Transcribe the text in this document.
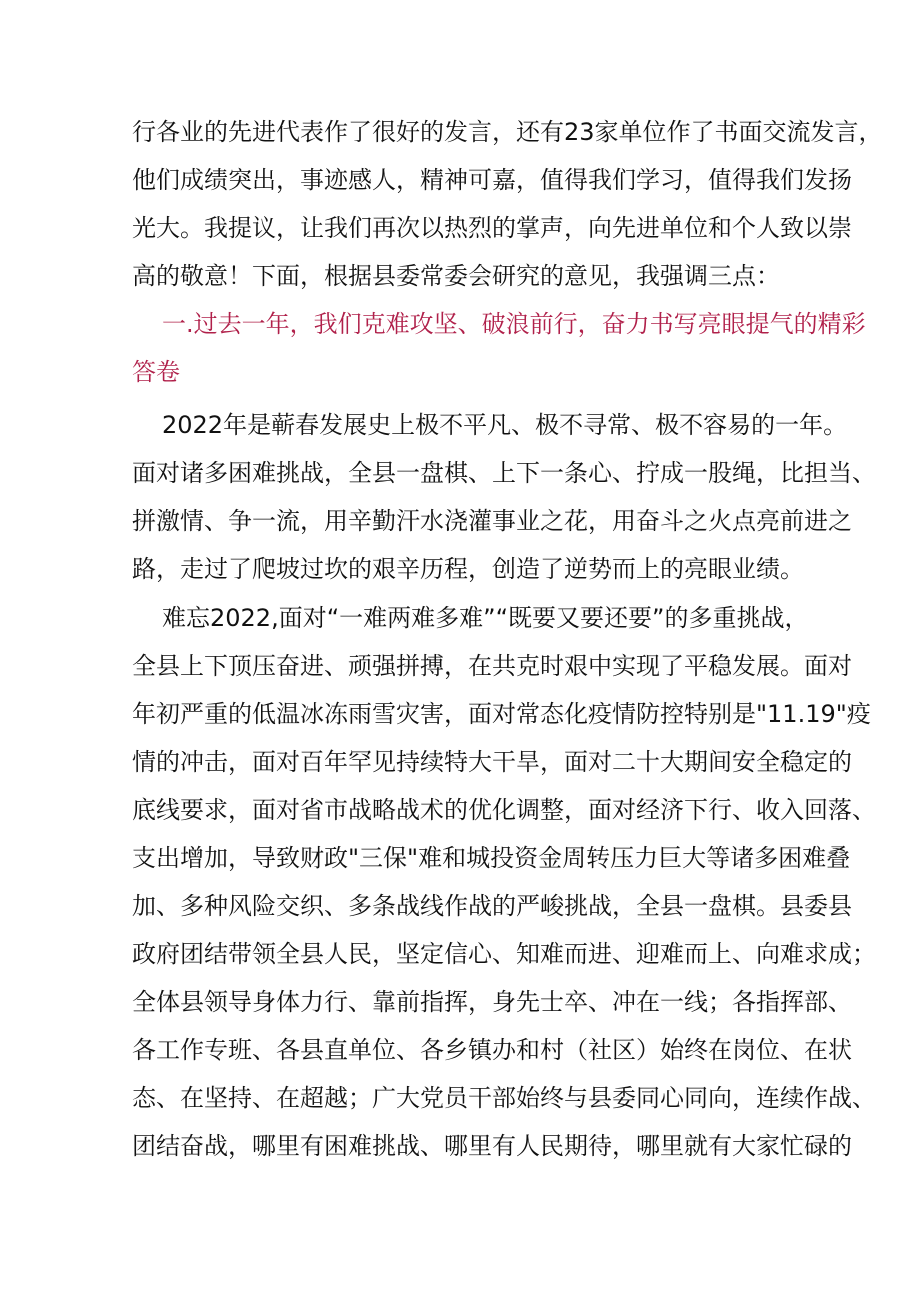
行各业的先进代表作了很好的发言，还有23家单位作了书面交流发言，
他们成绩突出，事迹感人，精神可嘉，值得我们学习，值得我们发扬
光大。我提议，让我们再次以热烈的掌声，向先进单位和个人致以崇
高的敬意！下面，根据县委常委会研究的意见，我强调三点：
一.过去一年，我们克难攻坚、破浪前行，奋力书写亮眼提气的精彩
答卷
2022年是蕲春发展史上极不平凡、极不寻常、极不容易的一年。
面对诸多困难挑战，全县一盘棋、上下一条心、拧成一股绳，比担当、
拼激情、争一流，用辛勤汗水浇灌事业之花，用奋斗之火点亮前进之
路，走过了爬坡过坎的艰辛历程，创造了逆势而上的亮眼业绩。
难忘2022,面对“一难两难多难”“既要又要还要”的多重挑战，
全县上下顶压奋进、顽强拼搏，在共克时艰中实现了平稳发展。面对
年初严重的低温冰冻雨雪灾害，面对常态化疫情防控特别是"11.19"疫
情的冲击，面对百年罕见持续特大干旱，面对二十大期间安全稳定的
底线要求，面对省市战略战术的优化调整，面对经济下行、收入回落、
支出增加，导致财政"三保"难和城投资金周转压力巨大等诸多困难叠
加、多种风险交织、多条战线作战的严峻挑战，全县一盘棋。县委县
政府团结带领全县人民，坚定信心、知难而进、迎难而上、向难求成；
全体县领导身体力行、靠前指挥，身先士卒、冲在一线；各指挥部、
各工作专班、各县直单位、各乡镇办和村（社区）始终在岗位、在状
态、在坚持、在超越；广大党员干部始终与县委同心同向，连续作战、
团结奋战，哪里有困难挑战、哪里有人民期待，哪里就有大家忙碌的
